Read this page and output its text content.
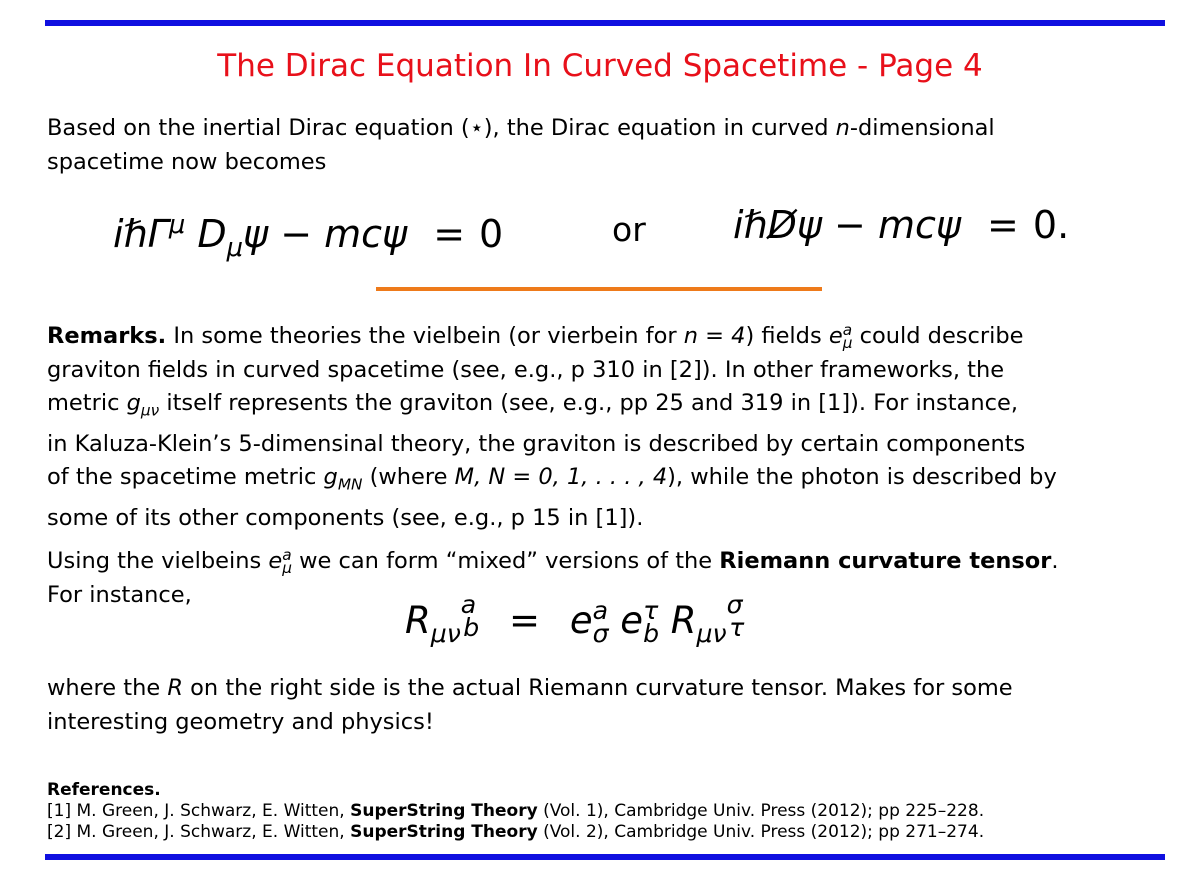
The Dirac Equation In Curved Spacetime - Page 4
Based on the inertial Dirac equation (⋆), the Dirac equation in curved n-dimensional
spacetime now becomes
iℏΓ$^\mu$ $D_\mu\psi - mc\psi = 0$	or iℏD̸ψ − mcψ = 0.
Remarks. In some theories the vielbein (or vierbein for n = 4) fields e a
μ could describe
graviton fields in curved spacetime (see, e.g., p 310 in [2]). In other frameworks, the
metric $g_{\mu\nu}$ itself represents the graviton (see, e.g., pp 25 and 319 in [1]). For instance,
in Kaluza-Klein’s 5-dimensinal theory, the graviton is described by certain components
of the spacetime metric $g_{MN}$ (where M, N = 0, 1, . . . , 4), while the photon is described by
some of its other components (see, e.g., p 15 in [1]).
Using the vielbeins e a
μ we can form “mixed” versions of the Riemann curvature tensor.
For instance,
$R_{\mu\nu}$
a
b = e a
σ e τ
b $R_{\mu\nu}$
σ
τ
where the R on the right side is the actual Riemann curvature tensor. Makes for some
interesting geometry and physics!
References.
[1] M. Green, J. Schwarz, E. Witten, SuperString Theory (Vol. 1), Cambridge Univ. Press (2012); pp 225–228.
[2] M. Green, J. Schwarz, E. Witten, SuperString Theory (Vol. 2), Cambridge Univ. Press (2012); pp 271–274.
